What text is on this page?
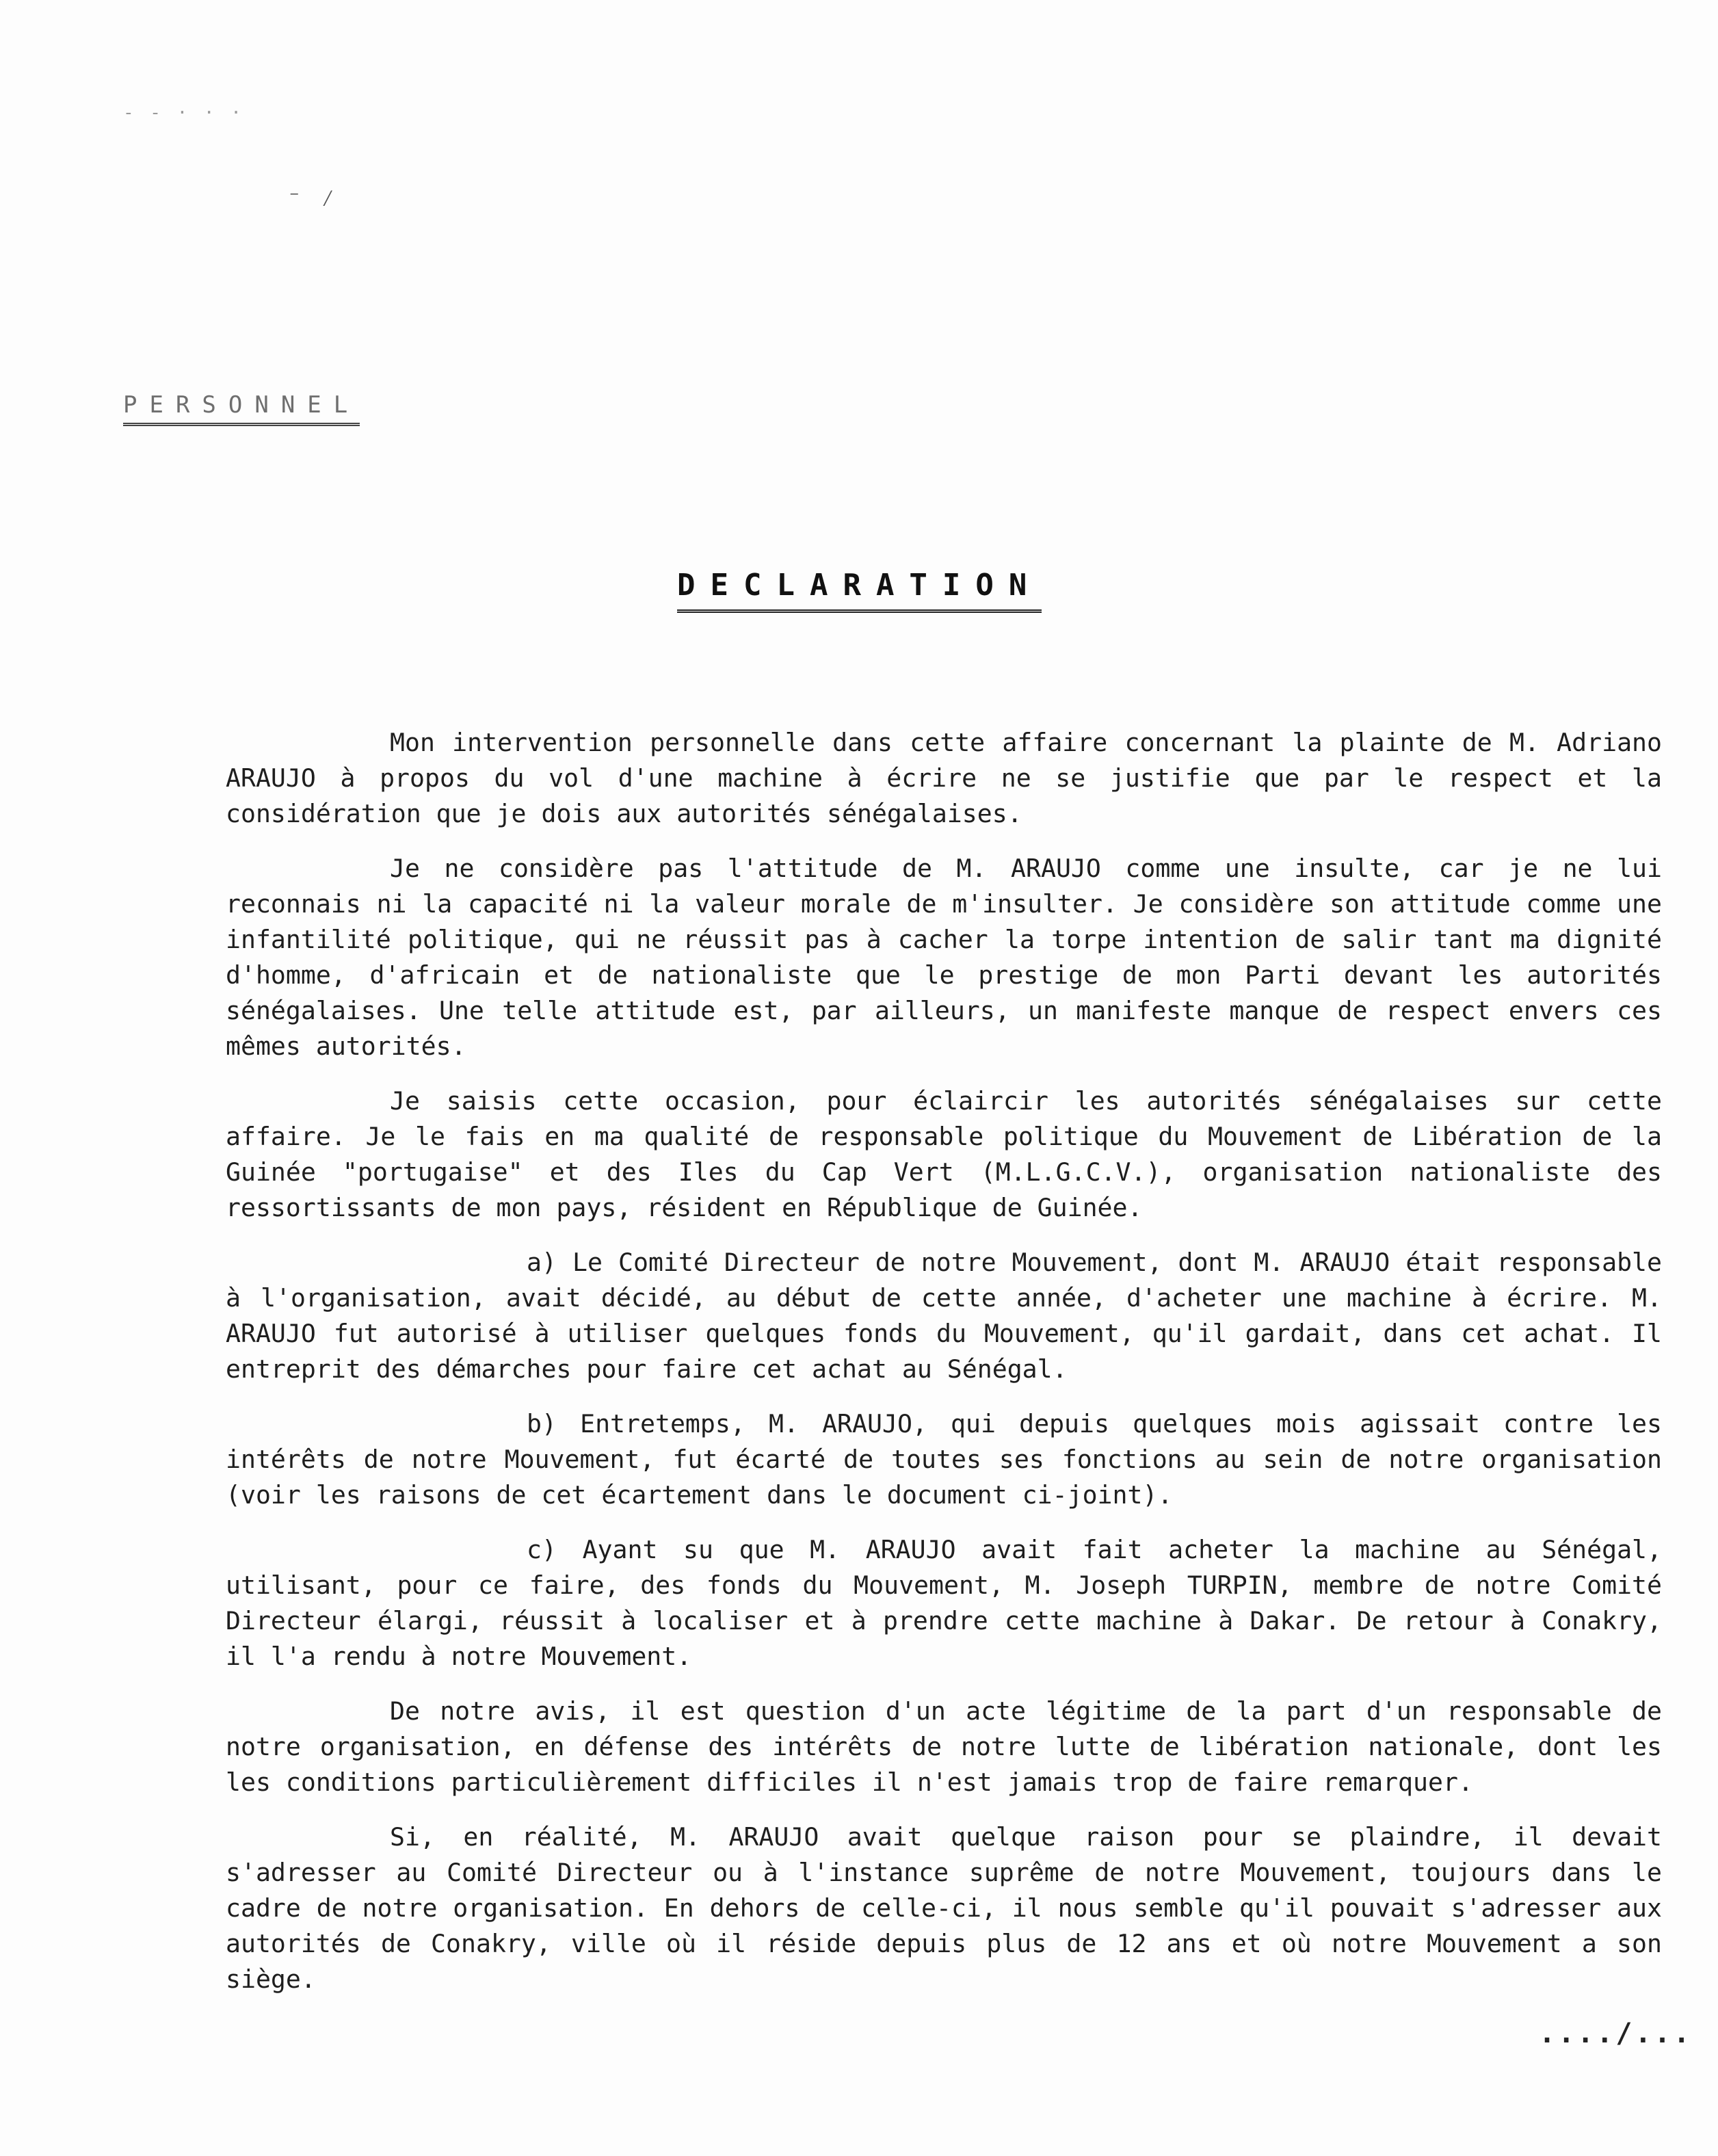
- - · · ·
⁻ ⁄
PERSONNEL
DECLARATION

Mon intervention personnelle dans cette affaire concernant la plainte de M. Adriano ARAUJO à propos du vol d'une machine à écrire ne se justifie que par le respect et la considération que je dois aux autorités sénégalaises.

Je ne considère pas l'attitude de M. ARAUJO comme une insulte, car je ne lui reconnais ni la capacité ni la valeur morale de m'insulter. Je considère son attitude comme une infantilité politique, qui ne réussit pas à cacher la torpe intention de salir tant ma dignité d'homme, d'africain et de nationaliste que le prestige de mon Parti devant les autorités sénégalaises. Une telle attitude est, par ailleurs, un manifeste manque de respect envers ces mêmes autorités.

Je saisis cette occasion, pour éclaircir les autorités sénégalaises sur cette affaire. Je le fais en ma qualité de responsable politique du Mouvement de Libération de la Guinée "portugaise" et des Iles du Cap Vert (M.L.G.C.V.), organisation nationaliste des ressortissants de mon pays, résident en République de Guinée.

a) Le Comité Directeur de notre Mouvement, dont M. ARAUJO était responsable à l'organisation, avait décidé, au début de cette année, d'acheter une machine à écrire. M. ARAUJO fut autorisé à utiliser quelques fonds du Mouvement, qu'il gardait, dans cet achat. Il entreprit des démarches pour faire cet achat au Sénégal.

b) Entretemps, M. ARAUJO, qui depuis quelques mois agissait contre les intérêts de notre Mouvement, fut écarté de toutes ses fonctions au sein de notre organisation (voir les raisons de cet écartement dans le document ci-joint).

c) Ayant su que M. ARAUJO avait fait acheter la machine au Sénégal, utilisant, pour ce faire, des fonds du Mouvement, M. Joseph TURPIN, membre de notre Comité Directeur élargi, réussit à localiser et à prendre cette machine à Dakar. De retour à Conakry, il l'a rendu à notre Mouvement.

De notre avis, il est question d'un acte légitime de la part d'un responsable de notre organisation, en défense des intérêts de notre lutte de libération nationale, dont les les conditions particulièrement difficiles il n'est jamais trop de faire remarquer.

Si, en réalité, M. ARAUJO avait quelque raison pour se plaindre, il devait s'adresser au Comité Directeur ou à l'instance suprême de notre Mouvement, toujours dans le cadre de notre organisation. En dehors de celle-ci, il nous semble qu'il pouvait s'adresser aux autorités de Conakry, ville où il réside depuis plus de 12 ans et où notre Mouvement a son siège.

..../...
